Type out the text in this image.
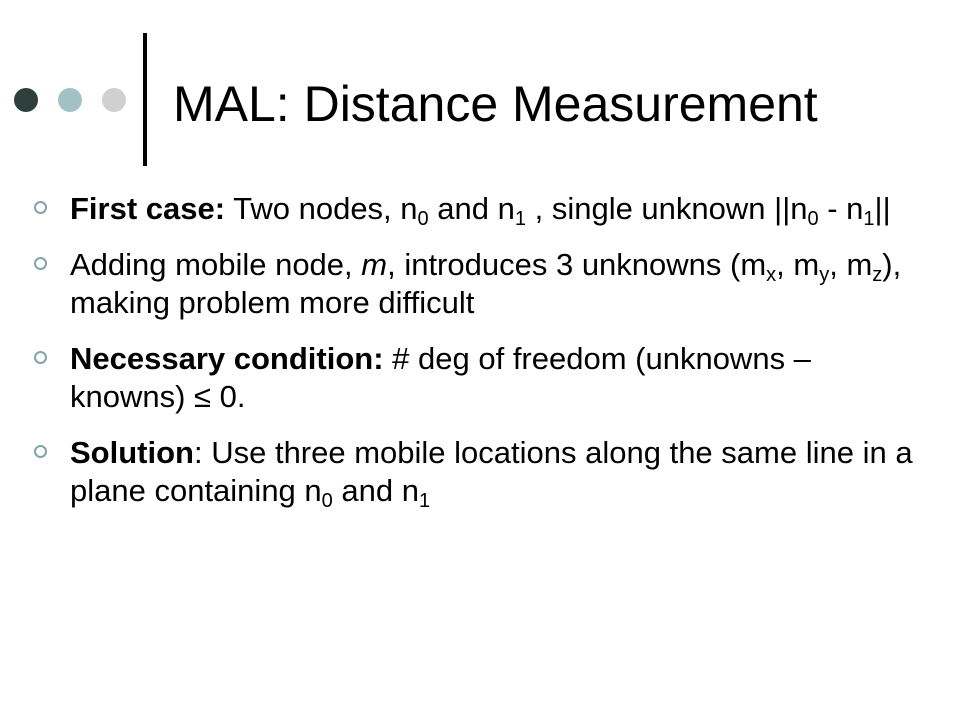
MAL: Distance Measurement
First case: Two nodes, $n_0$ and $n_1$ , single unknown $||n_0 - n_1||$
Adding mobile node, m, introduces 3 unknowns ($m_x$, $m_y$, $m_z$), making problem more difficult
Necessary condition: # deg of freedom (unknowns – knowns) ≤ 0.
Solution: Use three mobile locations along the same line in a plane containing $n_0$ and $n_1$
